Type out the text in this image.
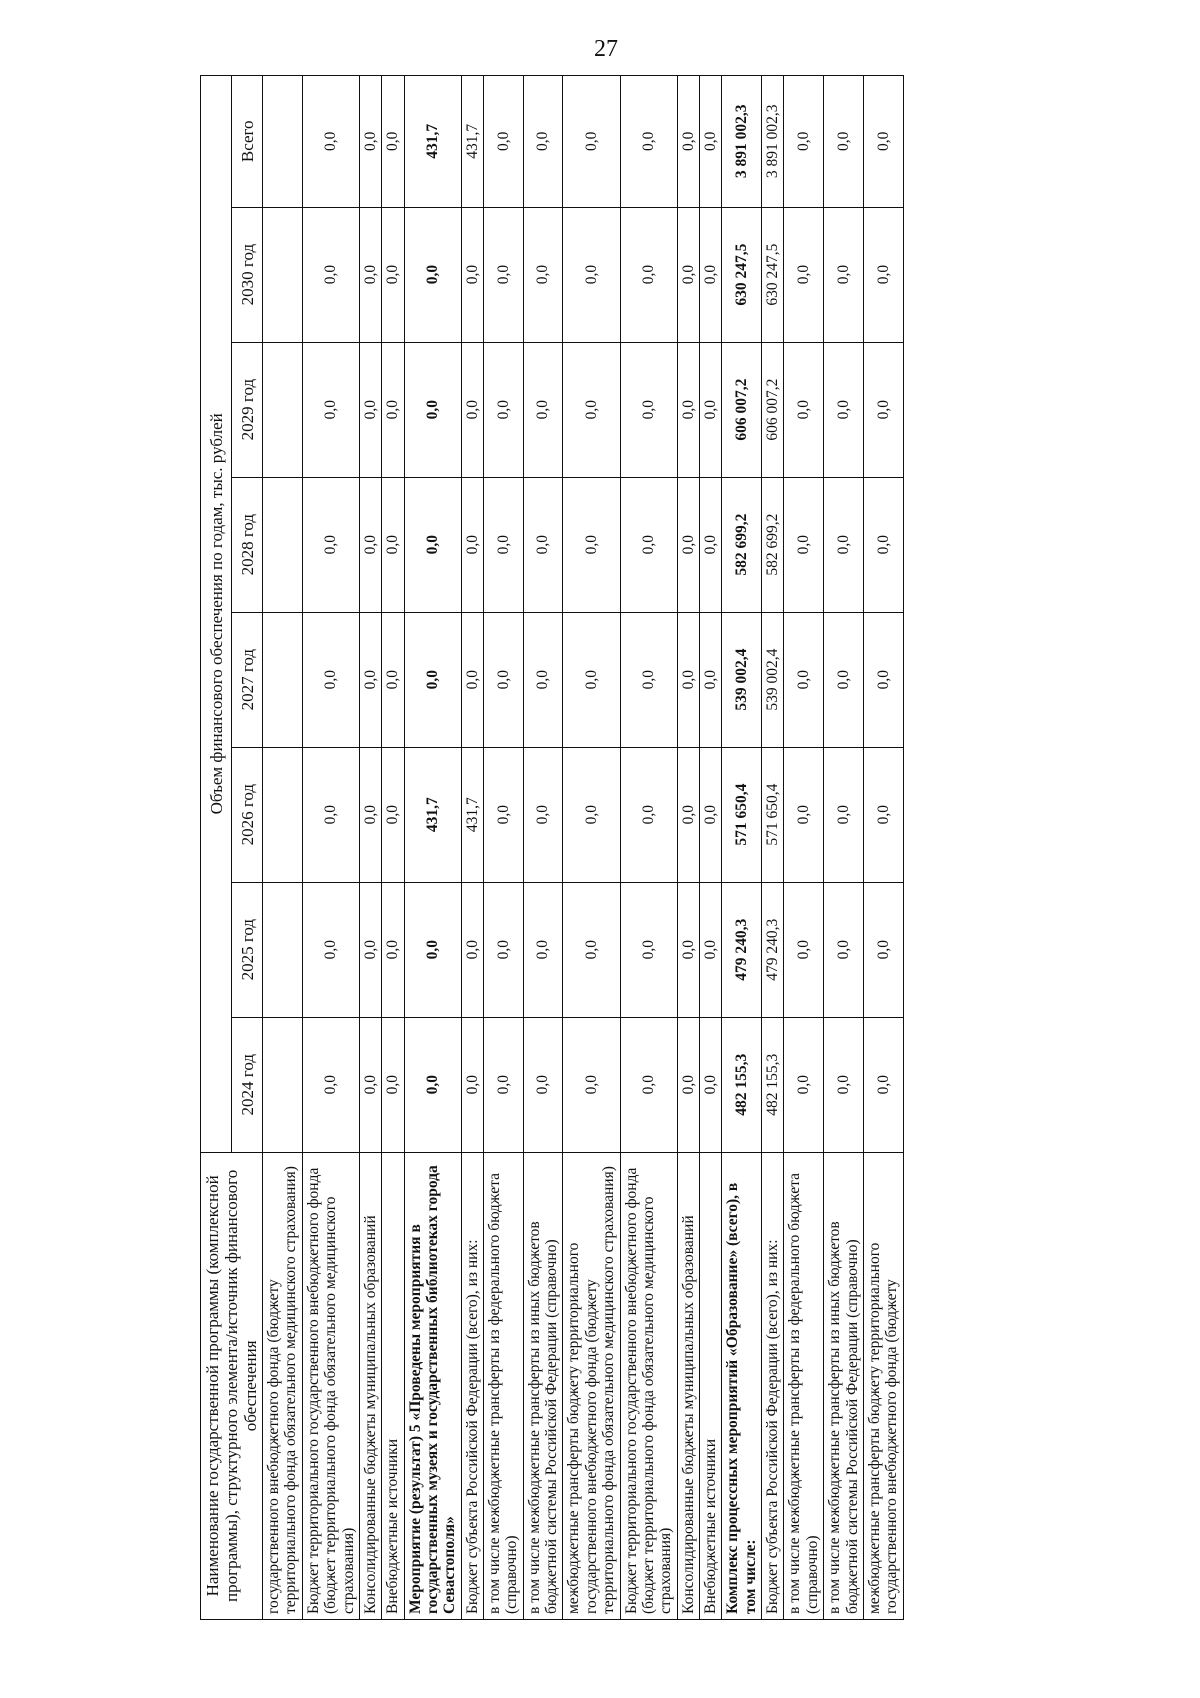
27
Наименование государственной программы (комплексной программы), структурного элемента/источник финансового обеспечения	Объем финансового обеспечения по годам, тыс. рублей							
	2024 год	2025 год	2026 год	2027 год	2028 год	2029 год	2030 год	Всего
государственного внебюджетного фонда (бюджету территориального фонда обязательного медицинского страхования)								
Бюджет территориального государственного внебюджетного фонда (бюджет территориального фонда обязательного медицинского страхования)	0,0	0,0	0,0	0,0	0,0	0,0	0,0	0,0
Консолидированные бюджеты муниципальных образований	0,0	0,0	0,0	0,0	0,0	0,0	0,0	0,0
Внебюджетные источники	0,0	0,0	0,0	0,0	0,0	0,0	0,0	0,0
Мероприятие (результат) 5 «Проведены мероприятия в государственных музеях и государственных библиотеках города Севастополя»	0,0	0,0	431,7	0,0	0,0	0,0	0,0	431,7
Бюджет субъекта Российской Федерации (всего), из них:	0,0	0,0	431,7	0,0	0,0	0,0	0,0	431,7
в том числе межбюджетные трансферты из федерального бюджета (справочно)	0,0	0,0	0,0	0,0	0,0	0,0	0,0	0,0
в том числе межбюджетные трансферты из иных бюджетов бюджетной системы Российской Федерации (справочно)	0,0	0,0	0,0	0,0	0,0	0,0	0,0	0,0
межбюджетные трансферты бюджету территориального государственного внебюджетного фонда (бюджету территориального фонда обязательного медицинского страхования)	0,0	0,0	0,0	0,0	0,0	0,0	0,0	0,0
Бюджет территориального государственного внебюджетного фонда (бюджет территориального фонда обязательного медицинского страхования)	0,0	0,0	0,0	0,0	0,0	0,0	0,0	0,0
Консолидированные бюджеты муниципальных образований	0,0	0,0	0,0	0,0	0,0	0,0	0,0	0,0
Внебюджетные источники	0,0	0,0	0,0	0,0	0,0	0,0	0,0	0,0
Комплекс процессных мероприятий «Образование» (всего), в том числе:	482 155,3	479 240,3	571 650,4	539 002,4	582 699,2	606 007,2	630 247,5	3 891 002,3
Бюджет субъекта Российской Федерации (всего), из них:	482 155,3	479 240,3	571 650,4	539 002,4	582 699,2	606 007,2	630 247,5	3 891 002,3
в том числе межбюджетные трансферты из федерального бюджета (справочно)	0,0	0,0	0,0	0,0	0,0	0,0	0,0	0,0
в том числе межбюджетные трансферты из иных бюджетов бюджетной системы Российской Федерации (справочно)	0,0	0,0	0,0	0,0	0,0	0,0	0,0	0,0
межбюджетные трансферты бюджету территориального государственного внебюджетного фонда (бюджету	0,0	0,0	0,0	0,0	0,0	0,0	0,0	0,0
